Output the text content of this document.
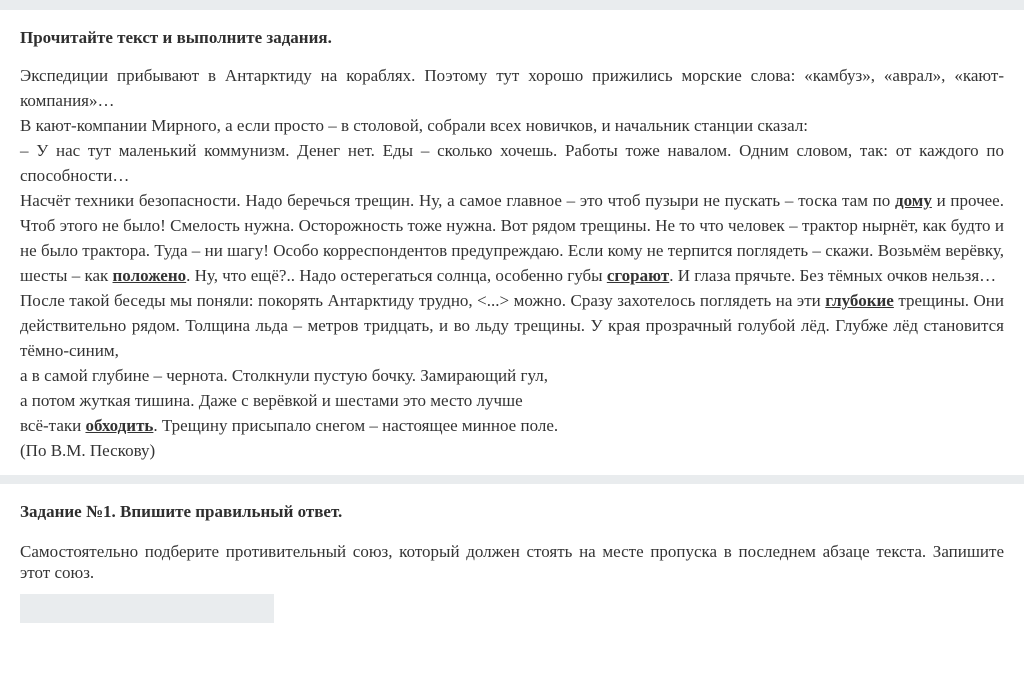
Прочитайте текст и выполните задания.

Экспедиции прибывают в Антарктиду на кораблях. Поэтому тут хорошо прижились морские слова: «камбуз», «аврал», «кают-компания»…

В кают-компании Мирного, а если просто – в столовой, собрали всех новичков, и начальник станции сказал:

– У нас тут маленький коммунизм. Денег нет. Еды – сколько хочешь. Работы тоже навалом. Одним словом, так: от каждого по способности…

Насчёт техники безопасности. Надо беречься трещин. Ну, а самое главное – это чтоб пузыри не пускать – тоска там по дому и прочее. Чтоб этого не было! Смелость нужна. Осторожность тоже нужна. Вот рядом трещины. Не то что человек – трактор нырнёт, как будто и не было трактора. Туда – ни шагу! Особо корреспондентов предупреждаю. Если кому не терпится поглядеть – скажи. Возьмём верёвку, шесты – как положено. Ну, что ещё?.. Надо остерегаться солнца, особенно губы сгорают. И глаза прячьте. Без тёмных очков нельзя…

После такой беседы мы поняли: покорять Антарктиду трудно, <...> можно. Сразу захотелось поглядеть на эти глубокие трещины. Они действительно рядом. Толщина льда – метров тридцать, и во льду трещины. У края прозрачный голубой лёд. Глубже лёд становится тёмно-синим,

а в самой глубине – чернота. Столкнули пустую бочку. Замирающий гул,

а потом жуткая тишина. Даже с верёвкой и шестами это место лучше

всё-таки обходить. Трещину присыпало снегом – настоящее минное поле.

(По В.М. Пескову)

Задание №1. Впишите правильный ответ.
Самостоятельно подберите противительный союз, который должен стоять на месте пропуска в последнем абзаце текста. Запишите этот союз.
